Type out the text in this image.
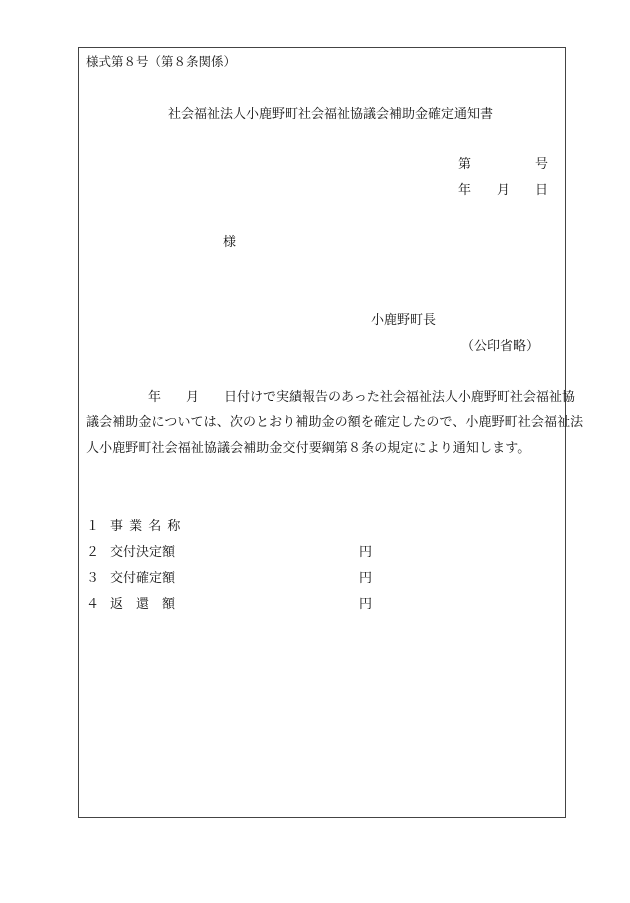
様式第８号（第８条関係）
社会福祉法人小鹿野町社会福祉協議会補助金確定通知書
第	号
年 月 日
様
小鹿野町長
（公印省略）
年 月 日付けで実績報告のあった社会福祉法人小鹿野町社会福祉協
議会補助金については、次のとおり補助金の額を確定したので、小鹿野町社会福祉法
人小鹿野町社会福祉協議会補助金交付要綱第８条の規定により通知します。
１ 事 業 名 称
２ 交付決定額	円
３ 交付確定額	円
４ 返　還　額	円
